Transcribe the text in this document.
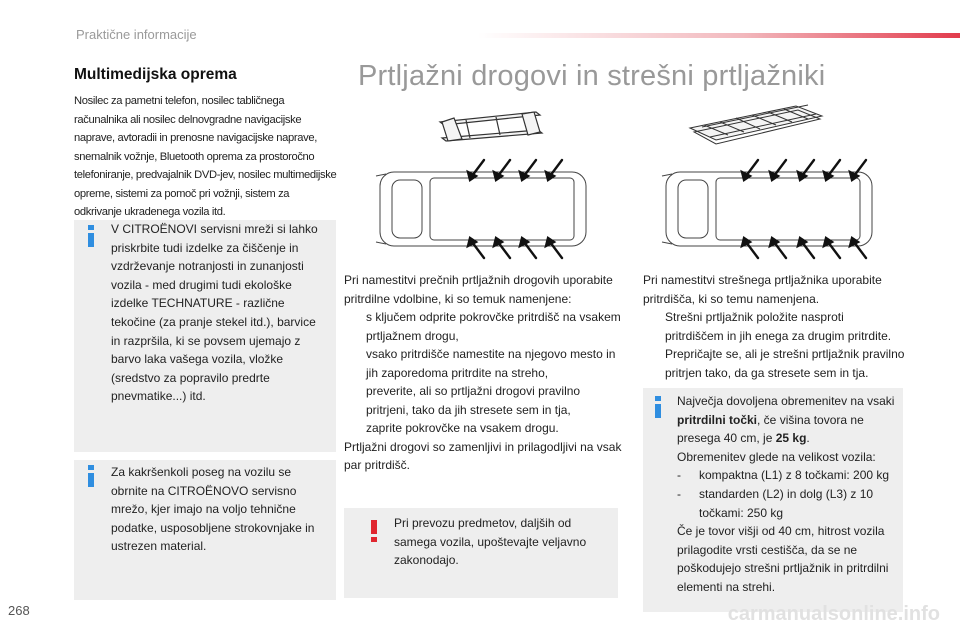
Praktične informacije
Multimedijska oprema
Nosilec za pametni telefon, nosilec tabličnega računalnika ali nosilec delnovgradne navigacijske naprave, avtoradii in prenosne navigacijske naprave, snemalnik vožnje, Bluetooth oprema za prostoročno telefoniranje, predvajalnik DVD-jev, nosilec multimedijske opreme, sistemi za pomoč pri vožnji, sistem za odkrivanje ukradenega vozila itd.
V CITROËNOVI servisni mreži si lahko priskrbite tudi izdelke za čiščenje in vzdrževanje notranjosti in zunanjosti vozila - med drugimi tudi ekološke izdelke TECHNATURE - različne tekočine (za pranje stekel itd.), barvice in razpršila, ki se povsem ujemajo z barvo laka vašega vozila, vložke (sredstvo za popravilo predrte pnevmatike...) itd.
Za kakršenkoli poseg na vozilu se obrnite na CITROËNOVO servisno mrežo, kjer imajo na voljo tehnične podatke, usposobljene strokovnjake in ustrezen material.
Prtljažni drogovi in strešni prtljažniki

Pri namestitvi prečnih prtljažnih drogovih uporabite pritrdilne vdolbine, ki so temuk namenjene:

s ključem odprite pokrovčke pritrdišč na vsakem prtljažnem drogu,
vsako pritrdišče namestite na njegovo mesto in jih zaporedoma pritrdite na streho,
preverite, ali so prtljažni drogovi pravilno pritrjeni, tako da jih stresete sem in tja,
zaprite pokrovčke na vsakem drogu.

Prtljažni drogovi so zamenljivi in prilagodljivi na vsak par pritrdišč.

Pri prevozu predmetov, daljših od samega vozila, upoštevajte veljavno zakonodajo.

Pri namestitvi strešnega prtljažnika uporabite pritrdišča, ki so temu namenjena.

Strešni prtljažnik položite nasproti pritrdiščem in jih enega za drugim pritrdite.
Prepričajte se, ali je strešni prtljažnik pravilno pritrjen tako, da ga stresete sem in tja.
Največja dovoljena obremenitev na vsaki pritrdilni točki, če višina tovora ne presega 40 cm, je 25 kg.
Obremenitev glede na velikost vozila:
- kompaktna (L1) z 8 točkami: 200 kg
- standarden (L2) in dolg (L3) z 10 točkami: 250 kg
Če je tovor višji od 40 cm, hitrost vozila prilagodite vrsti cestišča, da se ne poškodujejo strešni prtljažnik in pritrdilni elementi na strehi.
268	carmanualsonline.info
